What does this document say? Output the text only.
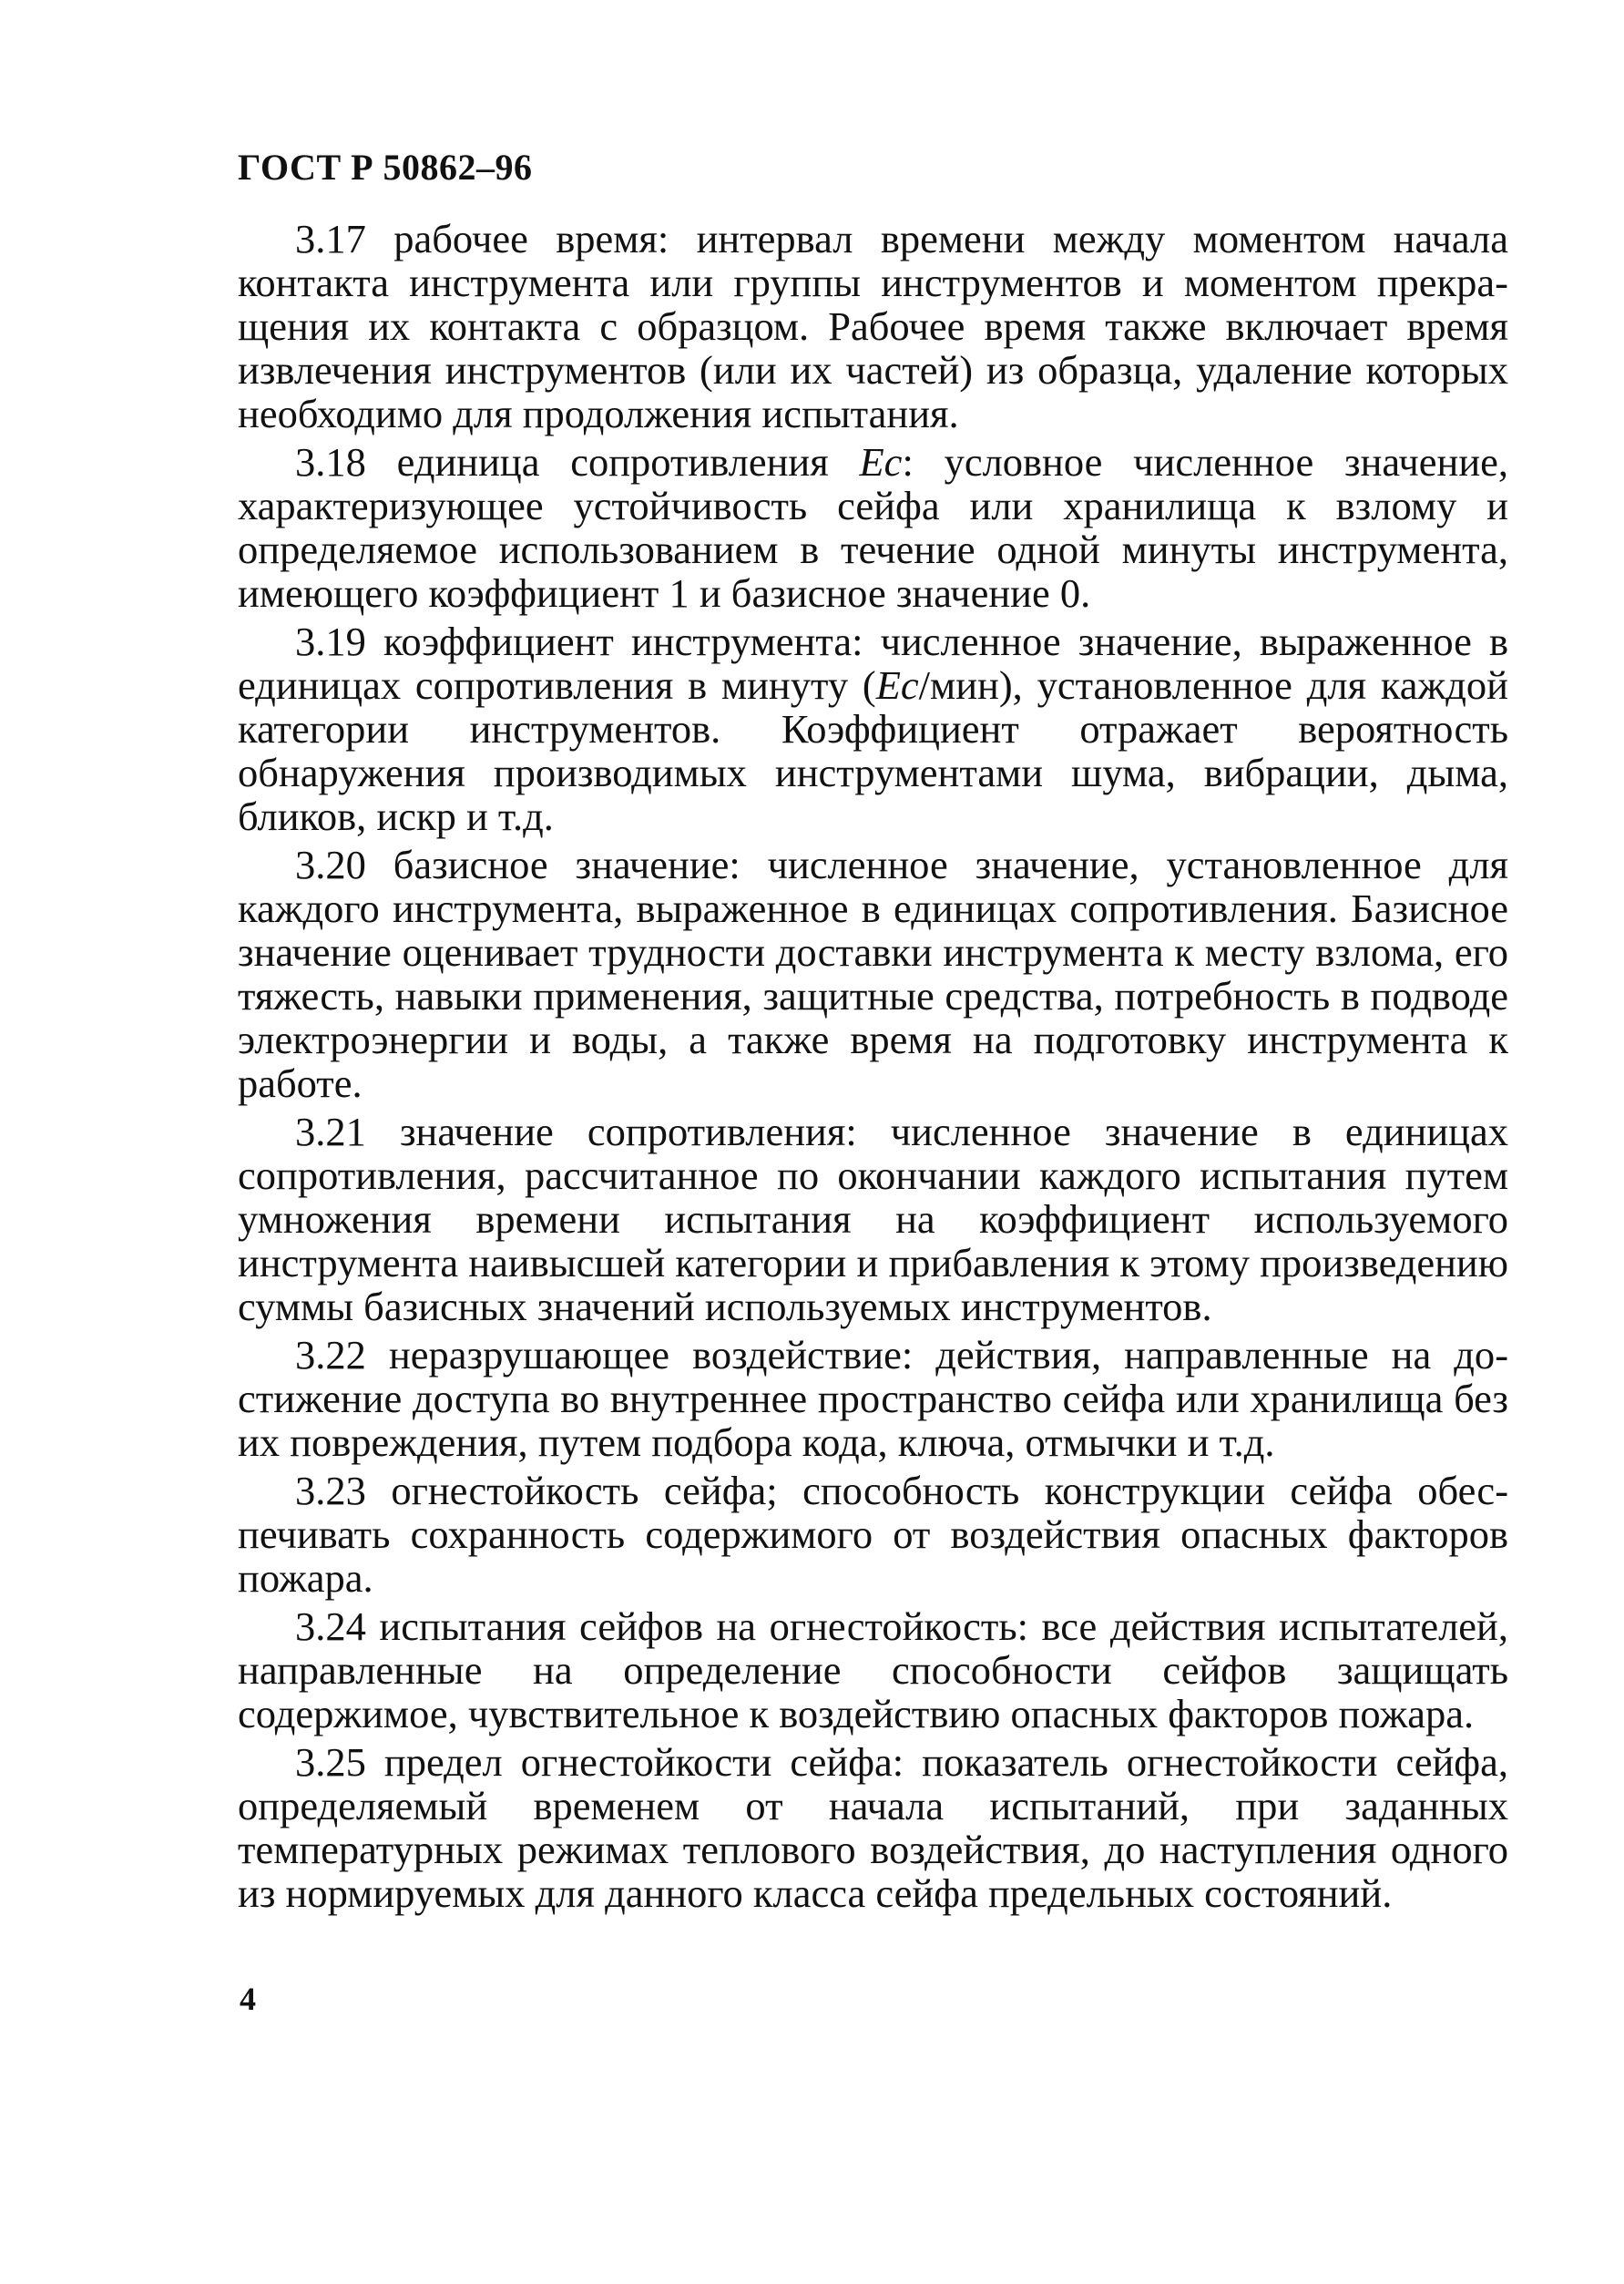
ГОСТ Р 50862–96

3.17 рабочее время: интервал времени между моментом начала контакта инструмента или группы инструментов и моментом прекращения их контакта с образцом. Рабочее время также включает время извлечения инструментов (или их частей) из образца, удаление которых необходимо для продолжения испытания.

3.18 единица сопротивления Ес: условное численное значение, характеризующее устойчивость сейфа или хранилища к взлому и определяемое использованием в течение одной минуты инструмента, имеющего коэффициент 1 и базисное значение 0.

3.19 коэффициент инструмента: численное значение, выраженное в единицах сопротивления в минуту (Ес/мин), установленное для каждой категории инструментов. Коэффициент отражает вероятность обнаружения производимых инструментами шума, вибрации, дыма, бликов, искр и т.д.

3.20 базисное значение: численное значение, установленное для каждого инструмента, выраженное в единицах сопротивления. Базисное значение оценивает трудности доставки инструмента к месту взлома, его тяжесть, навыки применения, защитные средства, потребность в подводе электроэнергии и воды, а также время на подготовку инструмента к работе.

3.21 значение сопротивления: численное значение в единицах сопротивления, рассчитанное по окончании каждого испытания путем умножения времени испытания на коэффициент используемого инструмента наивысшей категории и прибавления к этому произведению суммы базисных значений используемых инструментов.

3.22 неразрушающее воздействие: действия, направленные на достижение доступа во внутреннее пространство сейфа или хранилища без их повреждения, путем подбора кода, ключа, отмычки и т.д.

3.23 огнестойкость сейфа; способность конструкции сейфа обеспечивать сохранность содержимого от воздействия опасных факторов пожара.

3.24 испытания сейфов на огнестойкость: все действия испытателей, направленные на определение способности сейфов защищать содержимое, чувствительное к воздействию опасных факторов пожара.

3.25 предел огнестойкости сейфа: показатель огнестойкости сейфа, определяемый временем от начала испытаний, при заданных температурных режимах теплового воздействия, до наступления одного из нормируемых для данного класса сейфа предельных состояний.

4
